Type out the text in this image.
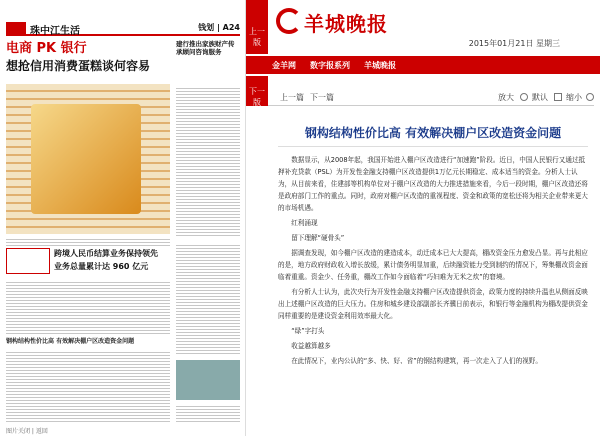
珠中江生活	钱划 | A24
电商 PK 银行
想抢信用消费蛋糕谈何容易
建行推出家族财产传承顾问咨询服务
跨境人民币结算业务保持领先
业务总量累计达 960 亿元
钢构结构性价比高 有效解决棚户区改造资金问题
图片关闭 | 返回
上一版
羊城晚报
2015年01月21日 星期三
金羊网 数字报系列 羊城晚报
下一版
上一篇 下一篇	放大 默认 缩小
钢构结构性价比高 有效解决棚户区改造资金问题

数据显示，从2008年起，我国开始进入棚户区改造进行“加速跑”阶段。近日，中国人民银行又通过抵押补充贷款（PSL）为开发性金融支持棚户区改造提供1万亿元长期稳定、成本适当的资金。分析人士认为，从目前来看，住建部等机构单位对于棚户区改造的大力推进措施来看，今后一段时期，棚户区改造还将是政府部门工作的重点。同时，政府对棚户区改造的重视程度、资金和政策的宽松还将为相关企业带来更大的市场机遇。

红利涌现

留下理解“硬骨头”

据调查发现，如今棚户区改造的建造成本，动迁成本已大大提高，棚改资金压力愈发凸显。再与此相应的是，地方政府财政收入增长放缓，累计债务明显加重，后续融资能力受到制约的情况下，筹集棚改资金面临着重重。资金少、任务重，棚改工作如今面临着“巧妇难为无米之炊”的窘境。

有分析人士认为，此次央行为开发性金融支持棚户区改造提供资金，政策力度的持续升温也从侧面反映出上述棚户区改造的巨大压力。住房和城乡建设部副部长齐骥日前表示，和银行等金融机构为棚改提供资金同样重要的是建设资金利用效率最大化。

“绿”字打头

收益越算越多

在此情况下，业内公认的“多、快、好、省”的钢结构建筑，再一次走入了人们的视野。
